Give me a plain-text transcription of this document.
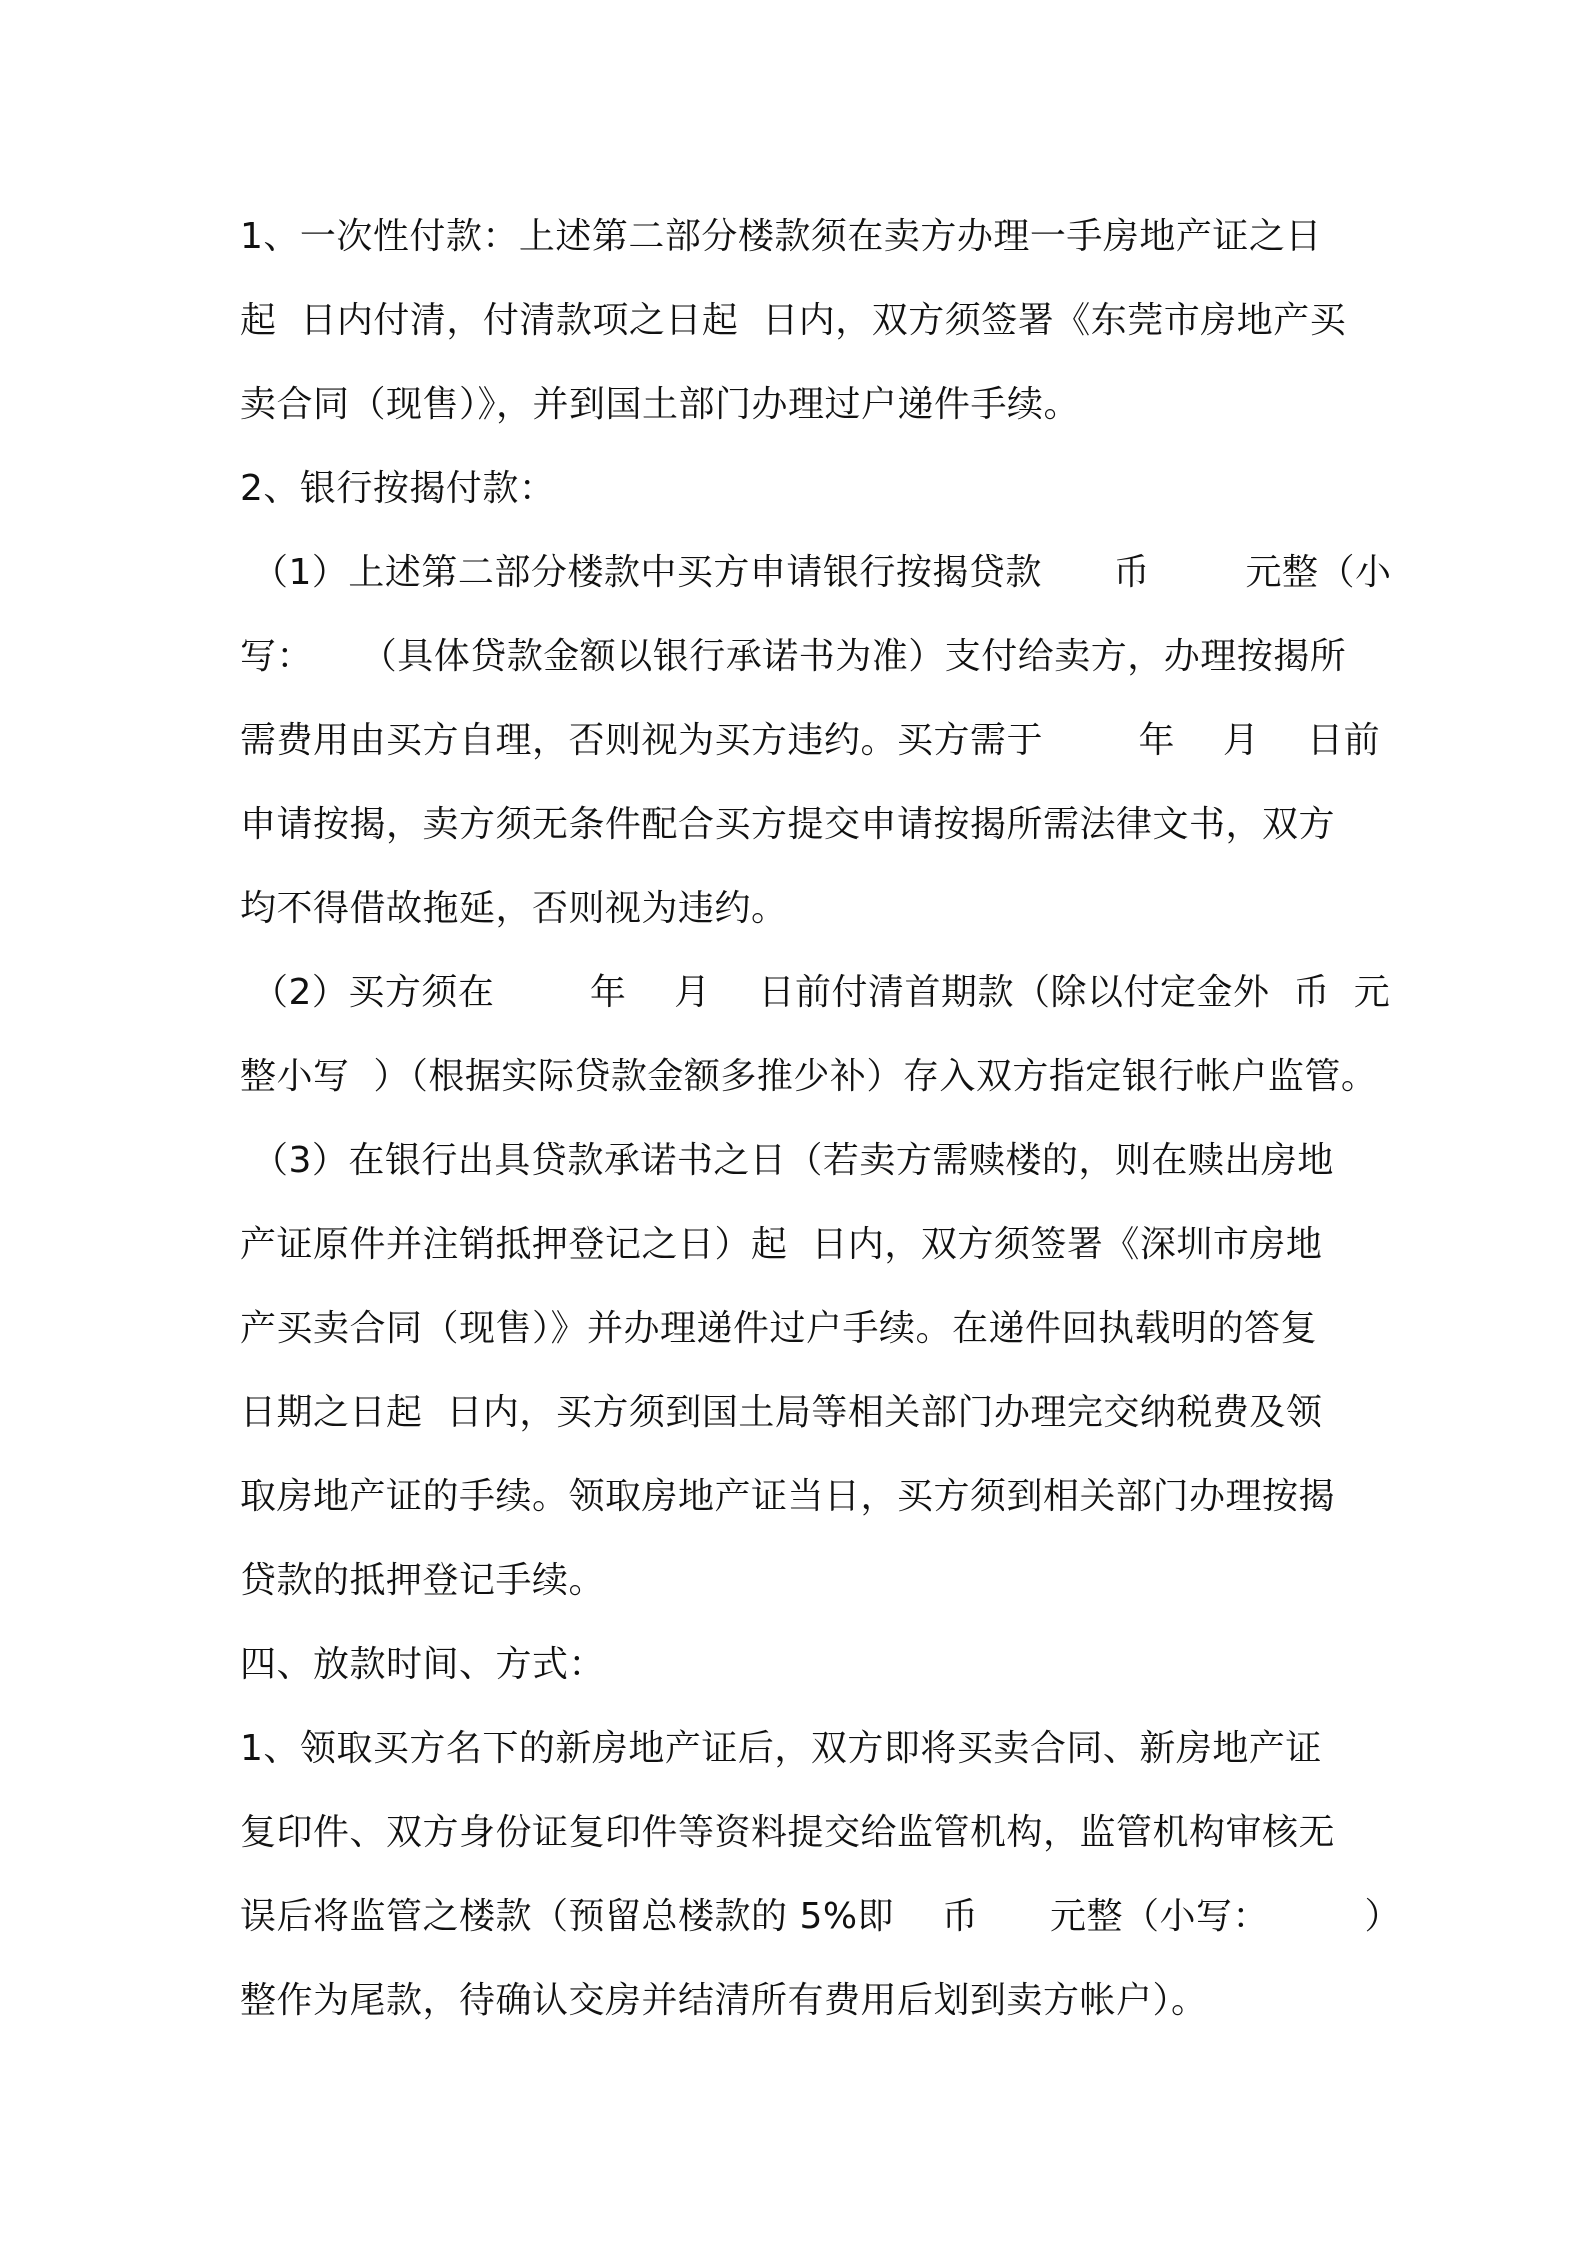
1、一次性付款：上述第二部分楼款须在卖方办理一手房地产证之日
起  日内付清，付清款项之日起  日内，双方须签署《东莞市房地产买
卖合同（现售）》，并到国土部门办理过户递件手续。
2、银行按揭付款：
（1）上述第二部分楼款中买方申请银行按揭贷款      币        元整（小
写：    （具体贷款金额以银行承诺书为准）支付给卖方，办理按揭所
需费用由买方自理，否则视为买方违约。买方需于        年    月    日前
申请按揭，卖方须无条件配合买方提交申请按揭所需法律文书，双方
均不得借故拖延，否则视为违约。
（2）买方须在        年    月    日前付清首期款（除以付定金外  币  元
整小写  ）（根据实际贷款金额多推少补）存入双方指定银行帐户监管。
（3）在银行出具贷款承诺书之日（若卖方需赎楼的，则在赎出房地
产证原件并注销抵押登记之日）起  日内，双方须签署《深圳市房地
产买卖合同（现售）》并办理递件过户手续。在递件回执载明的答复
日期之日起  日内，买方须到国土局等相关部门办理完交纳税费及领
取房地产证的手续。领取房地产证当日，买方须到相关部门办理按揭
贷款的抵押登记手续。
四、放款时间、方式：
1、领取买方名下的新房地产证后，双方即将买卖合同、新房地产证
复印件、双方身份证复印件等资料提交给监管机构，监管机构审核无
误后将监管之楼款（预留总楼款的 5%即    币      元整（小写：        ）
整作为尾款，待确认交房并结清所有费用后划到卖方帐户）。
